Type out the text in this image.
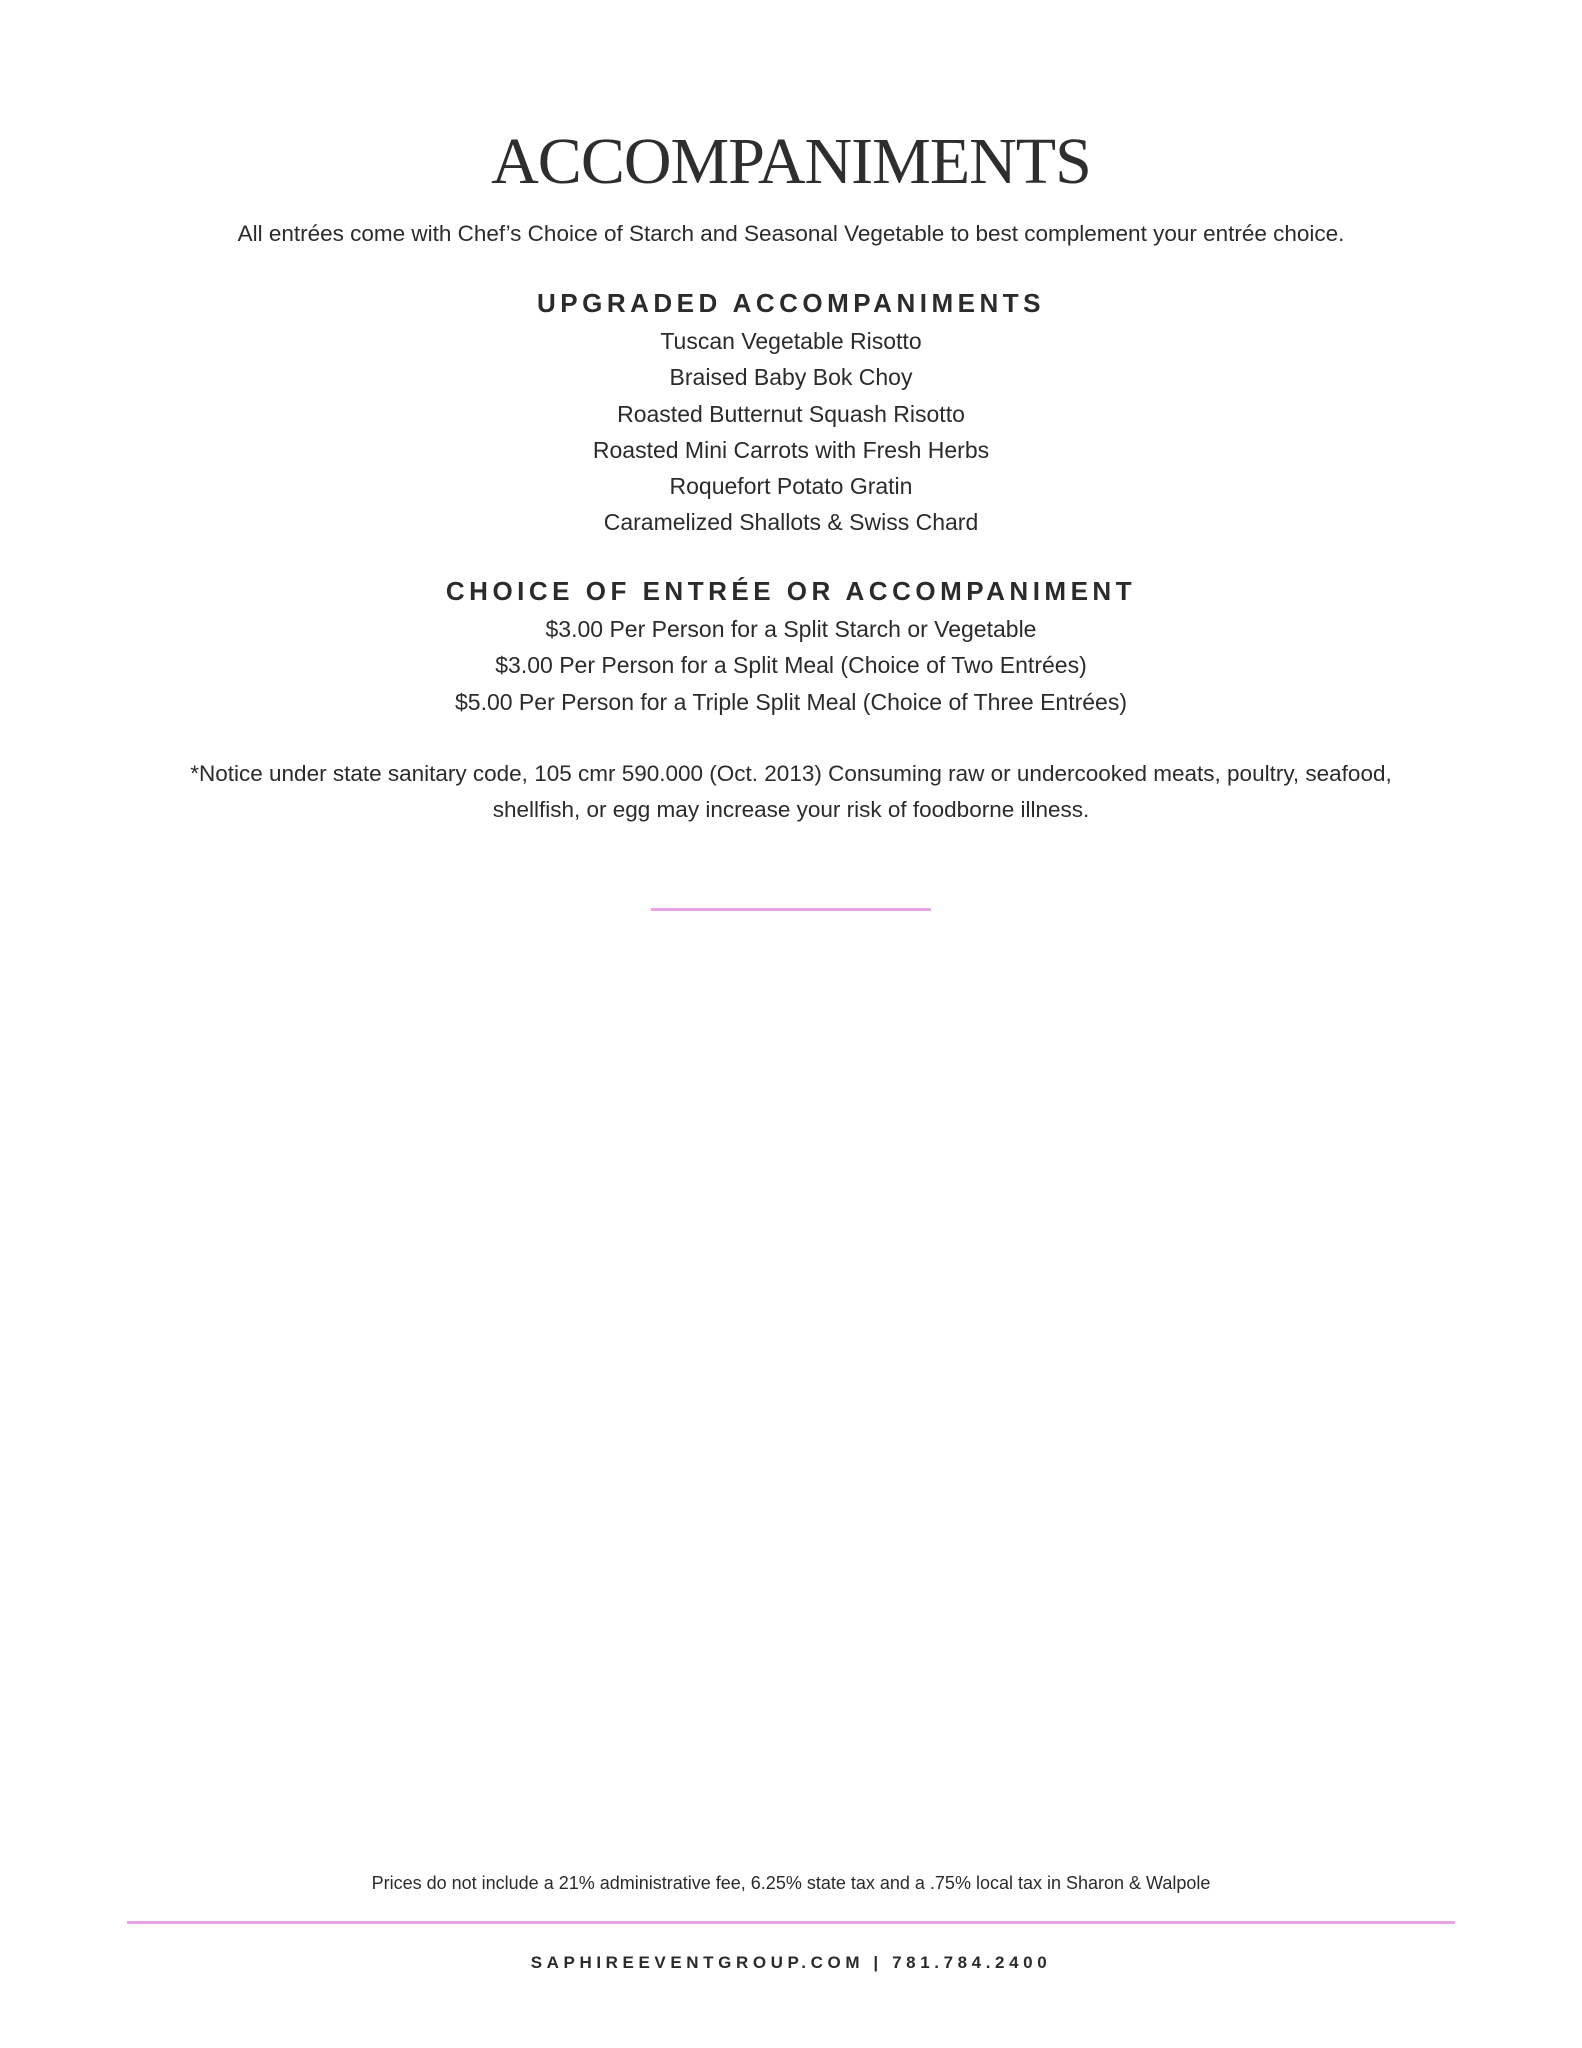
ACCOMPANIMENTS
All entrées come with Chef’s Choice of Starch and Seasonal Vegetable to best complement your entrée choice.
UPGRADED ACCOMPANIMENTS
Tuscan Vegetable Risotto
Braised Baby Bok Choy
Roasted Butternut Squash Risotto
Roasted Mini Carrots with Fresh Herbs
Roquefort Potato Gratin
Caramelized Shallots & Swiss Chard
CHOICE OF ENTRÉE OR ACCOMPANIMENT
$3.00 Per Person for a Split Starch or Vegetable
$3.00 Per Person for a Split Meal (Choice of Two Entrées)
$5.00 Per Person for a Triple Split Meal (Choice of Three Entrées)
*Notice under state sanitary code, 105 cmr 590.000 (Oct. 2013) Consuming raw or undercooked meats, poultry, seafood,
shellfish, or egg may increase your risk of foodborne illness.
Prices do not include a 21% administrative fee, 6.25% state tax and a .75% local tax in Sharon & Walpole
SAPHIREEVENTGROUP.COM | 781.784.2400
